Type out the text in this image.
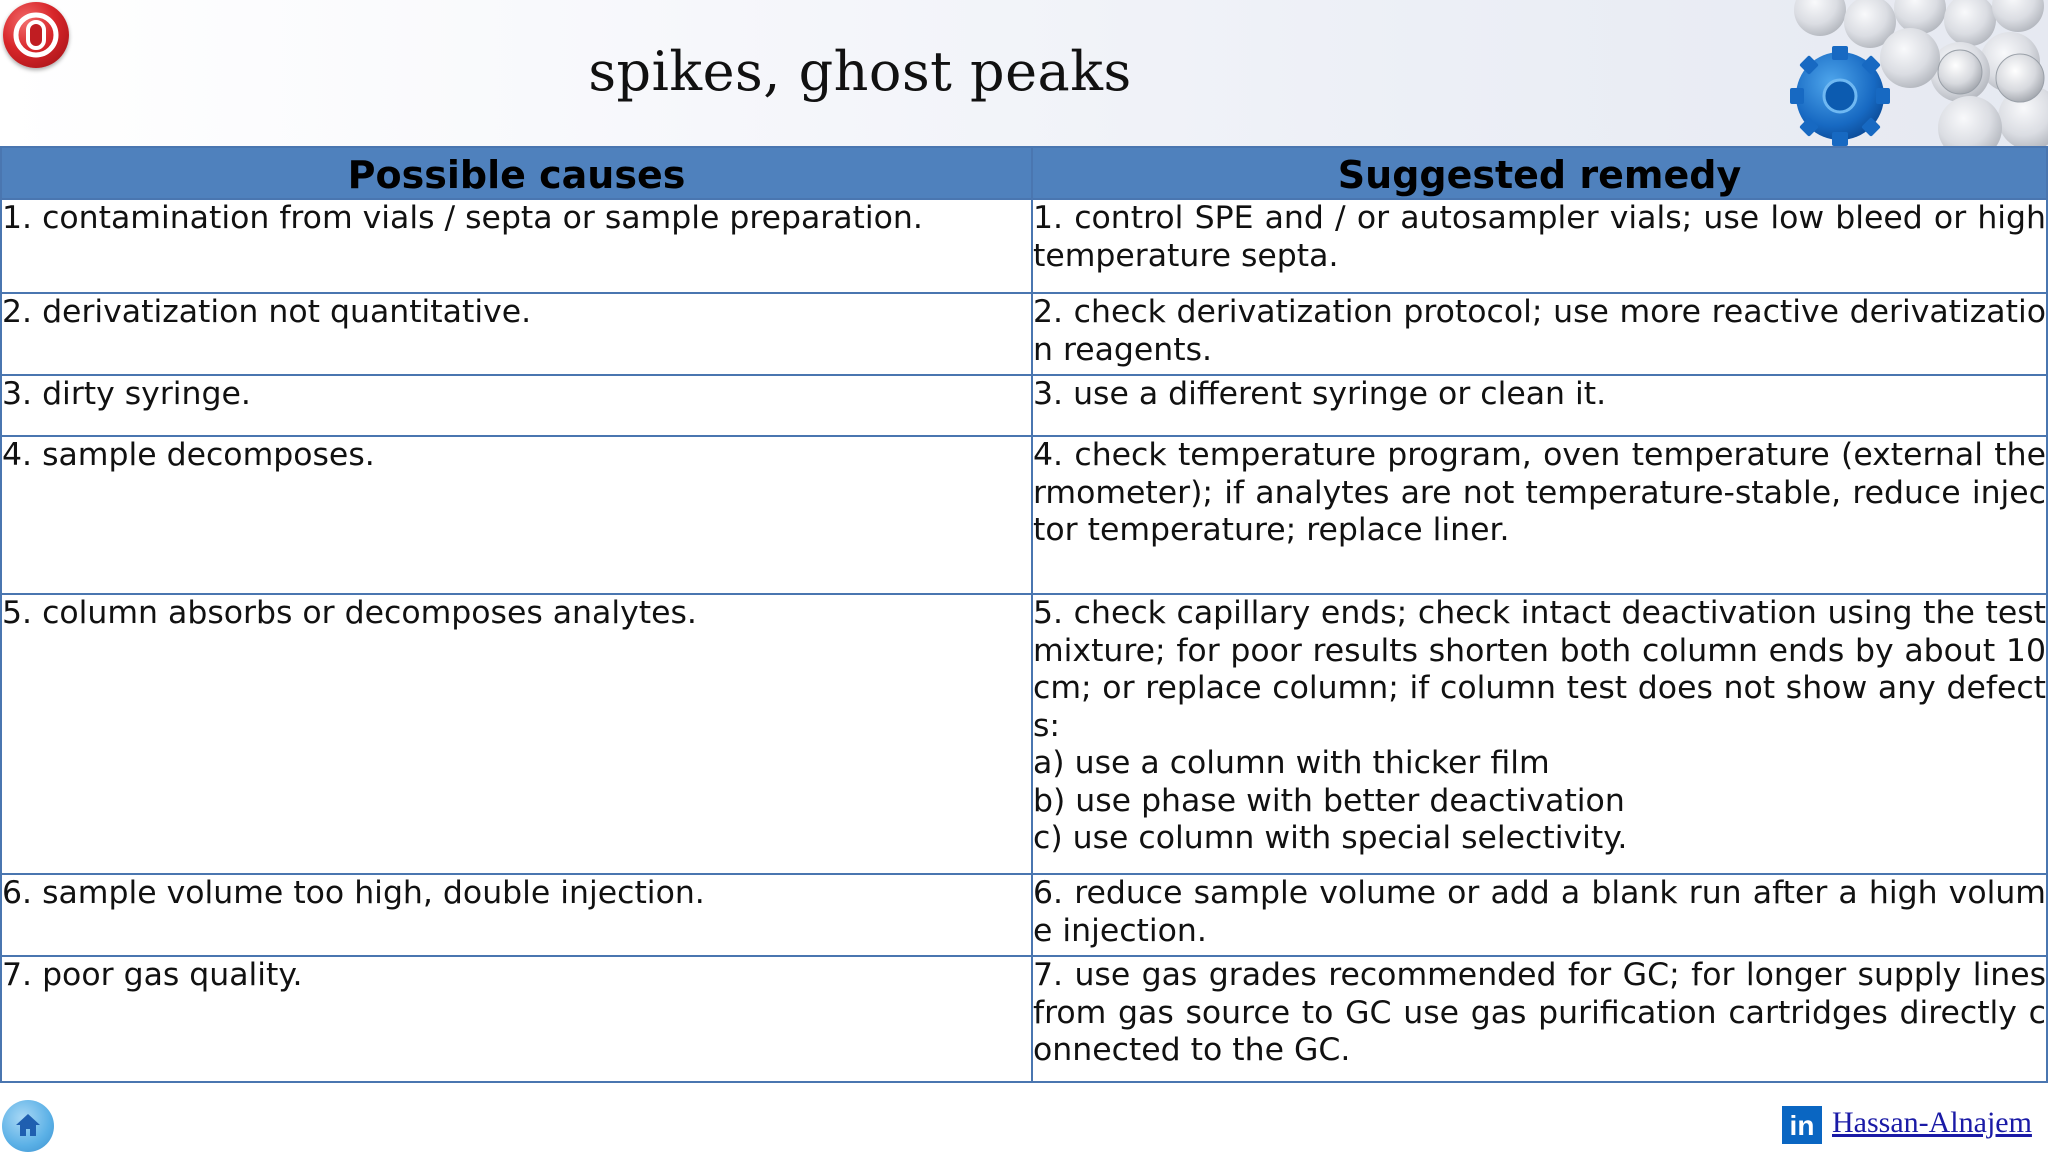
spikes, ghost peaks
Possible causes	Suggested remedy
1. contamination from vials / septa or sample preparation.	1. control SPE and / or autosampler vials; use low bleed or high temperature septa.
2. derivatization not quantitative.	2. check derivatization protocol; use more reactive derivatization reagents.
3. dirty syringe.	3. use a different syringe or clean it.
4. sample decomposes.	4. check temperature program, oven temperature (external thermometer); if analytes are not temperature-stable, reduce injector temperature; replace liner.
5. column absorbs or decomposes analytes.	5. check capillary ends; check intact deactivation using the test mixture; for poor results shorten both column ends by about 10 cm; or replace column; if column test does not show any defects:
a) use a column with thicker film
b) use phase with better deactivation
c) use column with special selectivity.
6. sample volume too high, double injection.	6. reduce sample volume or add a blank run after a high volume injection.
7. poor gas quality.	7. use gas grades recommended for GC; for longer supply lines from gas source to GC use gas purification cartridges directly connected to the GC.
in Hassan-Alnajem
